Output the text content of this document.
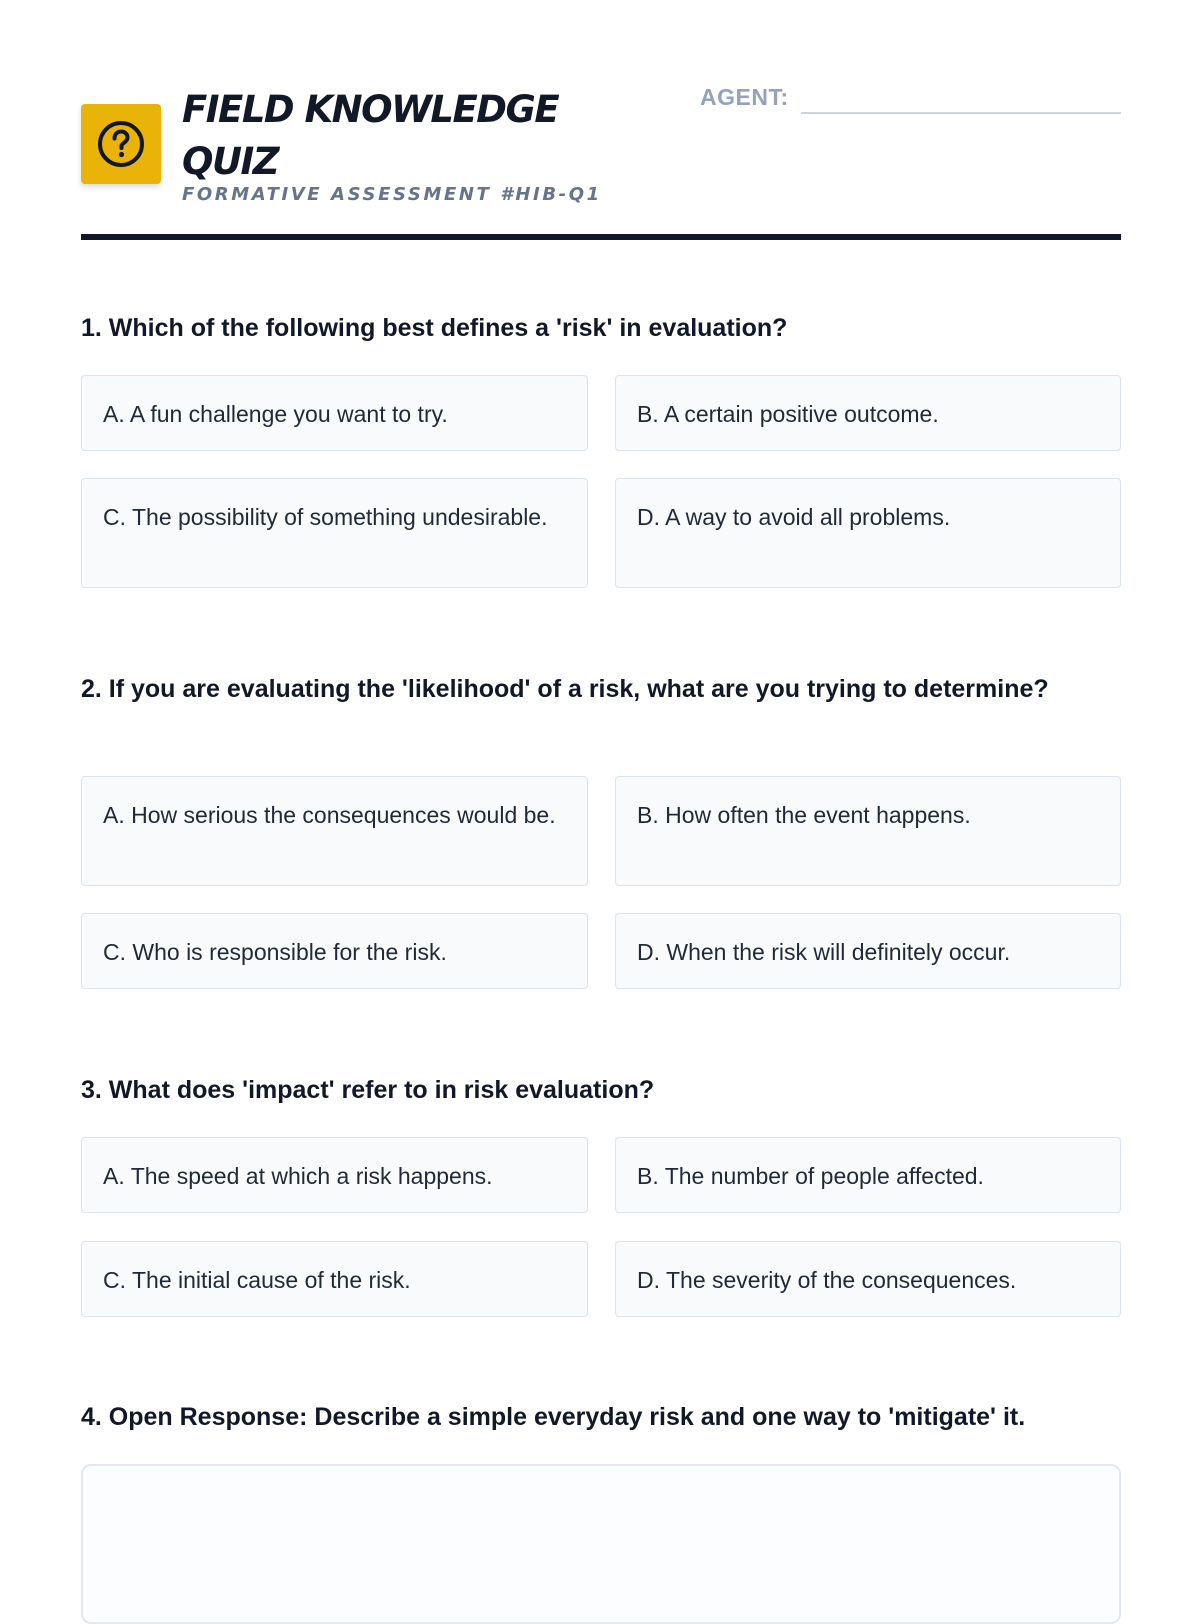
FIELD KNOWLEDGE QUIZ
FORMATIVE ASSESSMENT #HIB-Q1
AGENT:
1. Which of the following best defines a 'risk' in evaluation?
A. A fun challenge you want to try.	B. A certain positive outcome.
C. The possibility of something undesirable.	D. A way to avoid all problems.
2. If you are evaluating the 'likelihood' of a risk, what are you trying to determine?
A. How serious the consequences would be.	B. How often the event happens.
C. Who is responsible for the risk.	D. When the risk will definitely occur.
3. What does 'impact' refer to in risk evaluation?
A. The speed at which a risk happens.	B. The number of people affected.
C. The initial cause of the risk.	D. The severity of the consequences.
4. Open Response: Describe a simple everyday risk and one way to 'mitigate' it.
